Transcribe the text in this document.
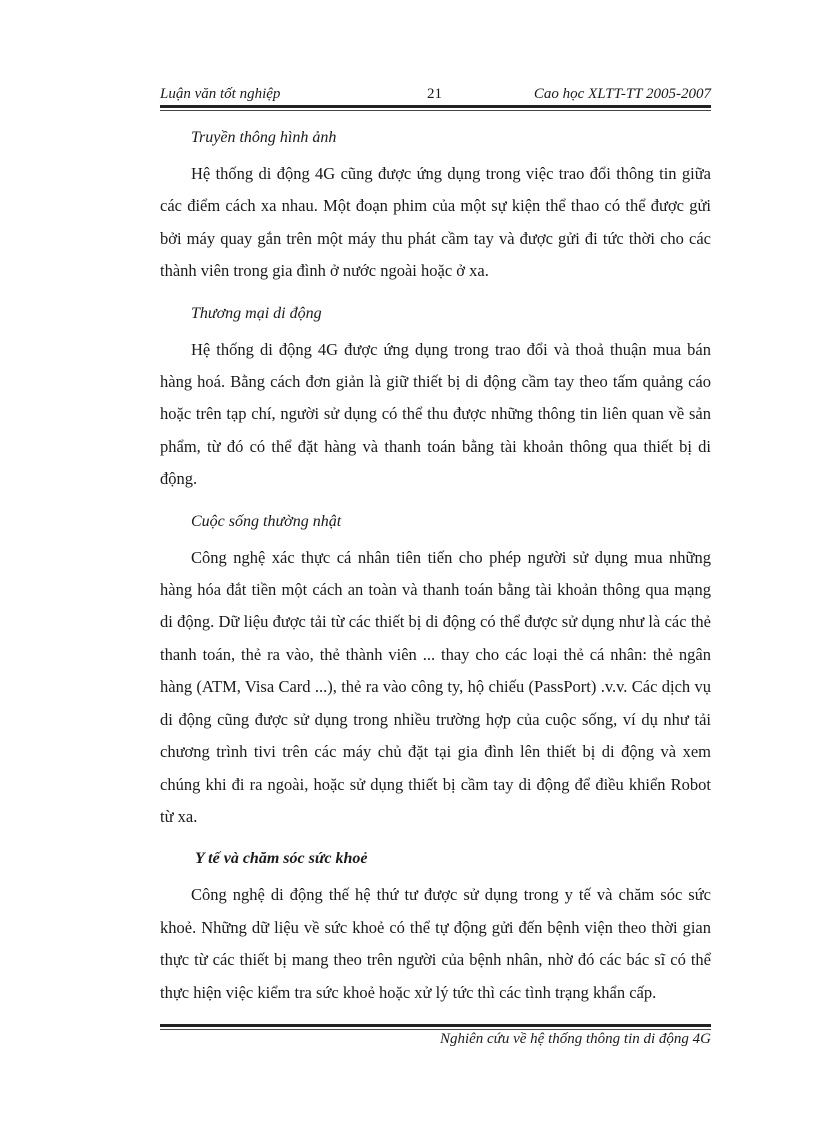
Luận văn tốt nghiệp	21	Cao học XLTT-TT 2005-2007

Truyền thông hình ảnh

Hệ thống di động 4G cũng được ứng dụng trong việc trao đổi thông tin giữa các điểm cách xa nhau. Một đoạn phim của một sự kiện thể thao có thể được gửi bởi máy quay gắn trên một máy thu phát cầm tay và được gửi đi tức thời cho các thành viên trong gia đình ở nước ngoài hoặc ở xa.

Thương mại di động

Hệ thống di động 4G được ứng dụng trong trao đổi và thoả thuận mua bán hàng hoá. Bằng cách đơn giản là giữ thiết bị di động cầm tay theo tấm quảng cáo hoặc trên tạp chí, người sử dụng có thể thu được những thông tin liên quan về sản phẩm, từ đó có thể đặt hàng và thanh toán bằng tài khoản thông qua thiết bị di động.

Cuộc sống thường nhật

Công nghệ xác thực cá nhân tiên tiến cho phép người sử dụng mua những hàng hóa đắt tiền một cách an toàn và thanh toán bằng tài khoản thông qua mạng di động. Dữ liệu được tải từ các thiết bị di động có thể được sử dụng như là các thẻ thanh toán, thẻ ra vào, thẻ thành viên ... thay cho các loại thẻ cá nhân: thẻ ngân hàng (ATM, Visa Card ...), thẻ ra vào công ty, hộ chiếu (PassPort) .v.v. Các dịch vụ di động cũng được sử dụng trong nhiều trường hợp của cuộc sống, ví dụ như tải chương trình tivi trên các máy chủ đặt tại gia đình lên thiết bị di động và xem chúng khi đi ra ngoài, hoặc sử dụng thiết bị cầm tay di động để điều khiển Robot từ xa.

Y tế và chăm sóc sức khoẻ

Công nghệ di động thế hệ thứ tư được sử dụng trong y tế và chăm sóc sức khoẻ. Những dữ liệu về sức khoẻ có thể tự động gửi đến bệnh viện theo thời gian thực từ các thiết bị mang theo trên người của bệnh nhân, nhờ đó các bác sĩ có thể thực hiện việc kiểm tra sức khoẻ hoặc xử lý tức thì các tình trạng khẩn cấp.

Nghiên cứu về hệ thống thông tin di động 4G
